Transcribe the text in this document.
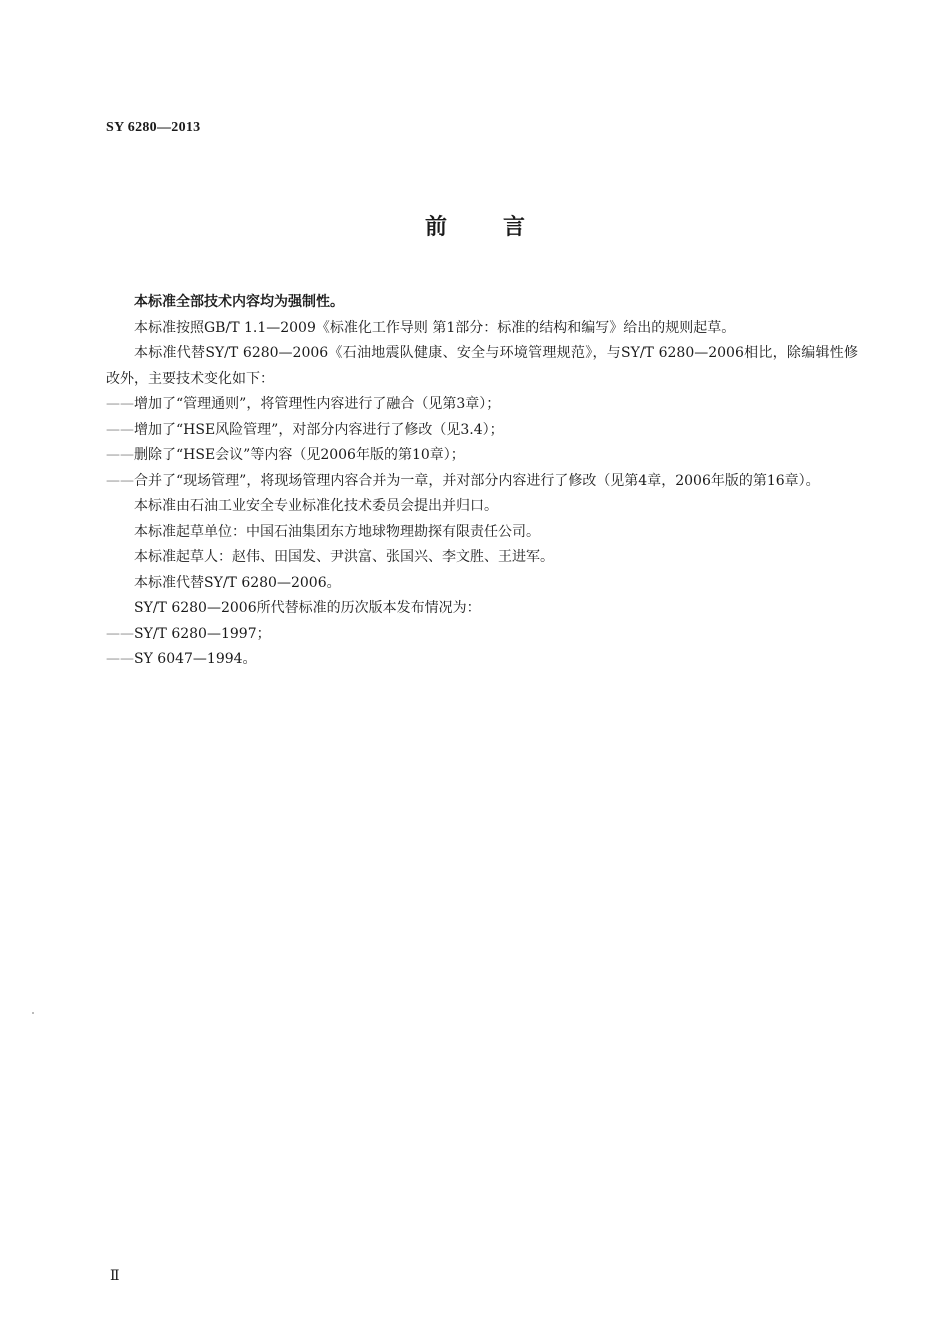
SY 6280—2013
前言

本标准全部技术内容均为强制性。

本标准按照GB/T 1.1—2009《标准化工作导则 第1部分：标准的结构和编写》给出的规则起草。

本标准代替SY/T 6280—2006《石油地震队健康、安全与环境管理规范》，与SY/T 6280—2006相比，除编辑性修改外，主要技术变化如下：

——增加了“管理通则”，将管理性内容进行了融合（见第3章）；
——增加了“HSE风险管理”，对部分内容进行了修改（见3.4）；
——删除了“HSE会议”等内容（见2006年版的第10章）；
——合并了“现场管理”，将现场管理内容合并为一章，并对部分内容进行了修改（见第4章，2006年版的第16章）。

本标准由石油工业安全专业标准化技术委员会提出并归口。

本标准起草单位：中国石油集团东方地球物理勘探有限责任公司。

本标准起草人：赵伟、田国发、尹洪富、张国兴、李文胜、王进军。

本标准代替SY/T 6280—2006。

SY/T 6280—2006所代替标准的历次版本发布情况为：

——SY/T 6280—1997；
——SY 6047—1994。
Ⅱ
